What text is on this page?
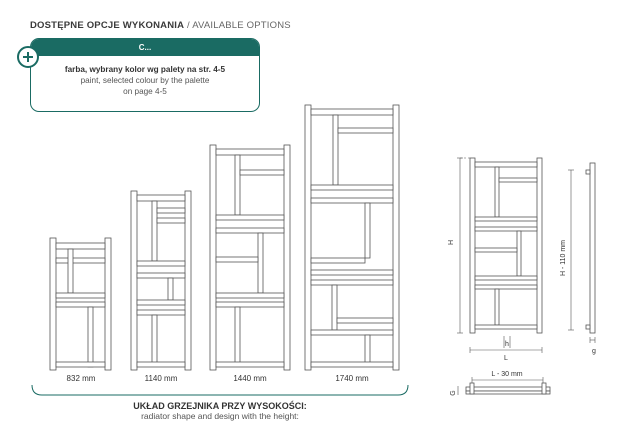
DOSTĘPNE OPCJE WYKONANIA / AVAILABLE OPTIONS
C...
farba, wybrany kolor wg palety na str. 4-5
paint, selected colour by the palette
on page 4-5
H	H - 110 mm
h
L
g
L - 30 mm
G
832 mm	1140 mm	1440 mm	1740 mm
UKŁAD GRZEJNIKA PRZY WYSOKOŚCI:
radiator shape and design with the height:
